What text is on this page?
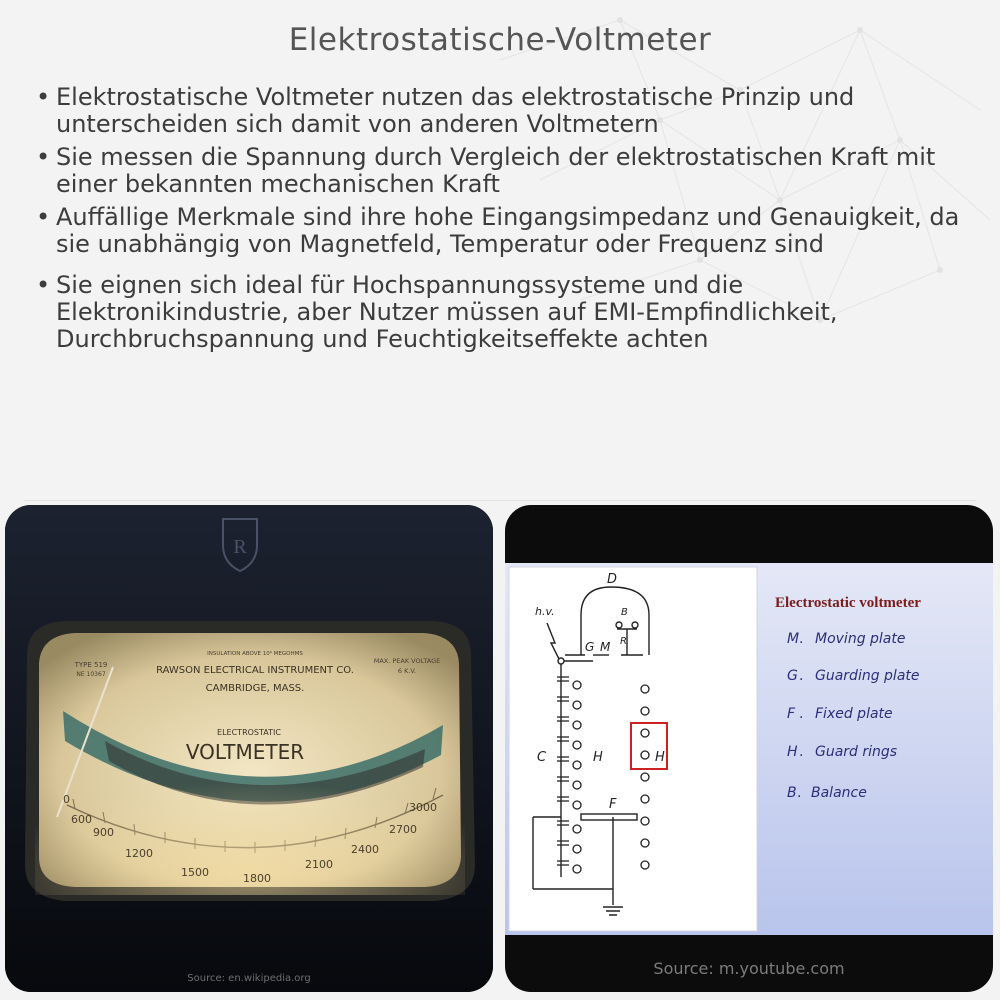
Elektrostatische-Voltmeter
• Elektrostatische Voltmeter nutzen das elektrostatische Prinzip und unterscheiden sich damit von anderen Voltmetern
• Sie messen die Spannung durch Vergleich der elektrostatischen Kraft mit einer bekannten mechanischen Kraft
• Auffällige Merkmale sind ihre hohe Eingangsimpedanz und Genauigkeit, da sie unabhängig von Magnetfeld, Temperatur oder Frequenz sind
• Sie eignen sich ideal für Hochspannungssysteme und die Elektronikindustrie, aber Nutzer müssen auf EMI-Empfindlichkeit, Durchbruchspannung und Feuchtigkeitseffekte achten
R
INSULATION ABOVE 10⁶ MEGOHMS
TYPE 519
NE 10367	RAWSON ELECTRICAL INSTRUMENT CO.
CAMBRIDGE, MASS.
MAX. PEAK VOLTAGE
6 K.V.
ELECTROSTATIC
VOLTMETER
0
600
900
1200
1500	1800
2100
2400
2700
3000
Source: en.wikipedia.org
D
h.v.	B
G M R
C	H	H
F
Electrostatic voltmeter
M Moving plate
G Guarding plate
F Fixed plate
H Guard rings
B Balance
.
.
.
.
.
Source: m.youtube.com
